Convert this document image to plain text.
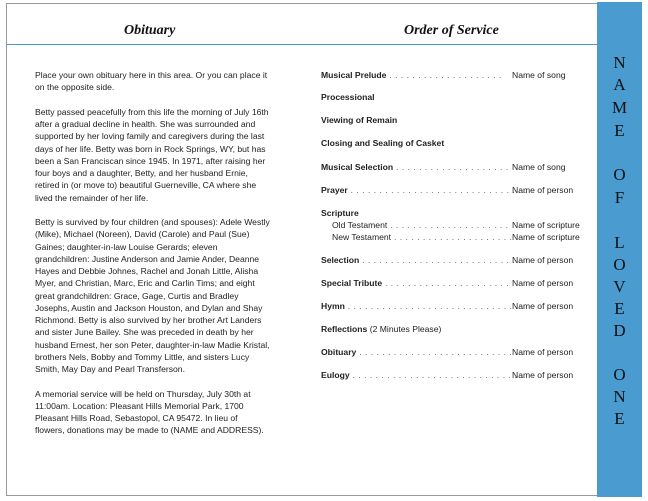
Obituary	Order of Service

Place your own obituary here in this area. Or you can place it
on the opposite side.

Betty passed peacefully from this life the morning of July 16th
after a gradual decline in health. She was surrounded and
supported by her loving family and caregivers during the last
days of her life. Betty was born in Rock Springs, WY, but has
been a San Franciscan since 1945. In 1971, after raising her
four boys and a daughter, Betty, and her husband Ernie,
retired in (or move to) beautiful Guerneville, CA where she
lived the remainder of her life.

Betty is survived by four children (and spouses): Adele Westly
(Mike), Michael (Noreen), David (Carole) and Paul (Sue)
Gaines; daughter-in-law Louise Gerards; eleven
grandchildren: Justine Anderson and Jamie Ander, Deanne
Hayes and Debbie Johnes, Rachel and Jonah Little, Alisha
Myer, and Christian, Marc, Eric and Carlin Tims; and eight
great grandchildren: Grace, Gage, Curtis and Bradley
Josephs, Austin and Jackson Houston, and Dylan and Shay
Richmond. Betty is also survived by her brother Art Landers
and sister June Bailey. She was preceded in death by her
husband Ernest, her son Peter, daughter-in-law Madie Kristal,
brothers Nels, Bobby and Tommy Little, and sisters Lucy
Smith, May Day and Pearl Transferson.

A memorial service will be held on Thursday, July 30th at
11:00am. Location: Pleasant Hills Memorial Park, 1700
Pleasant Hills Road, Sebastopol, CA 95472. In lieu of
flowers, donations may be made to (NAME and ADDRESS).

Musical Prelude . . . . . . . . . . . . . . . . . . . . Name of song
Processional
Viewing of Remain
Closing and Sealing of Casket
Musical Selection . . . . . . . . . . . . . . . . . . . . Name of song
Prayer . . . . . . . . . . . . . . . . . . . . . . . . . . . . . . .
Name of person
Scripture
Old Testament . . . . . . . . . . . . . . . . . . . . . Name of scripture
New Testament . . . . . . . . . . . . . . . . . . . . . Name of scripture
Selection . . . . . . . . . . . . . . . . . . . . . . . . . . . .
Name of person
Special Tribute . . . . . . . . . . . . . . . . . . . . . . Name of person
Hymn . . . . . . . . . . . . . . . . . . . . . . . . . . . . . . .
Name of person
Reflections (2 Minutes Please)
Obituary . . . . . . . . . . . . . . . . . . . . . . . . . . . . .
Name of person
Eulogy . . . . . . . . . . . . . . . . . . . . . . . . . . . . . .
Name of person
N
A
M
E
O
F
L
O
V
E
D
O
N
E
